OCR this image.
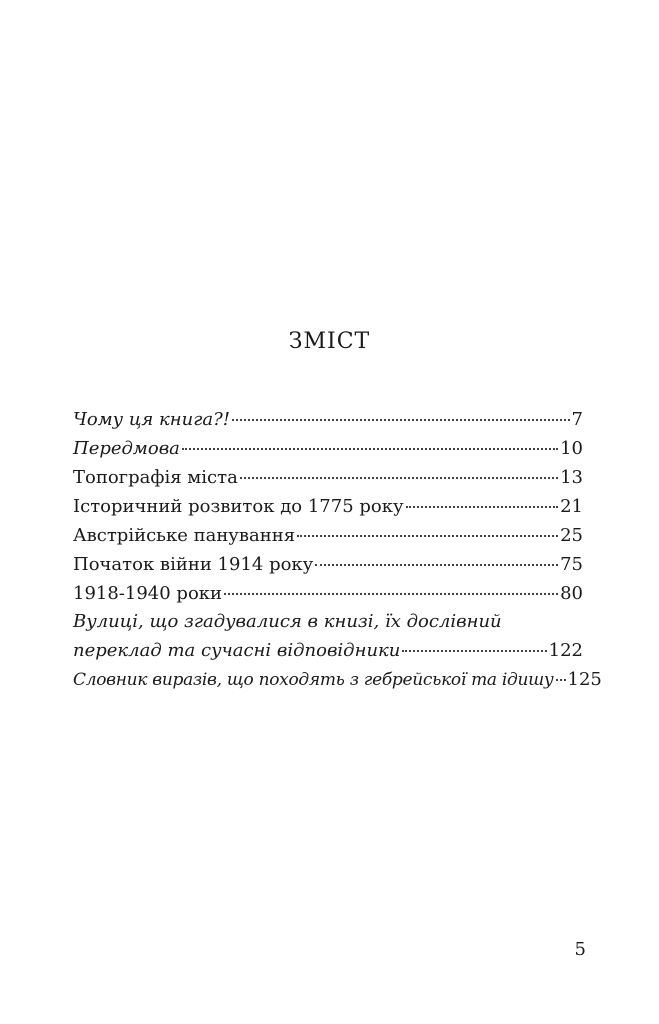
ЗМІСТ
Чому ця книга?!	7
Передмова	10
Топографія міста	13
Історичний розвиток до 1775 року	21
Австрійське панування	25
Початок війни 1914 року	75
1918-1940 роки	80
Вулиці, що згадувалися в книзі, їх дослівний
переклад та сучасні відповідники	122
Словник виразів, що походять з гебрейської та ідишу 125
5
